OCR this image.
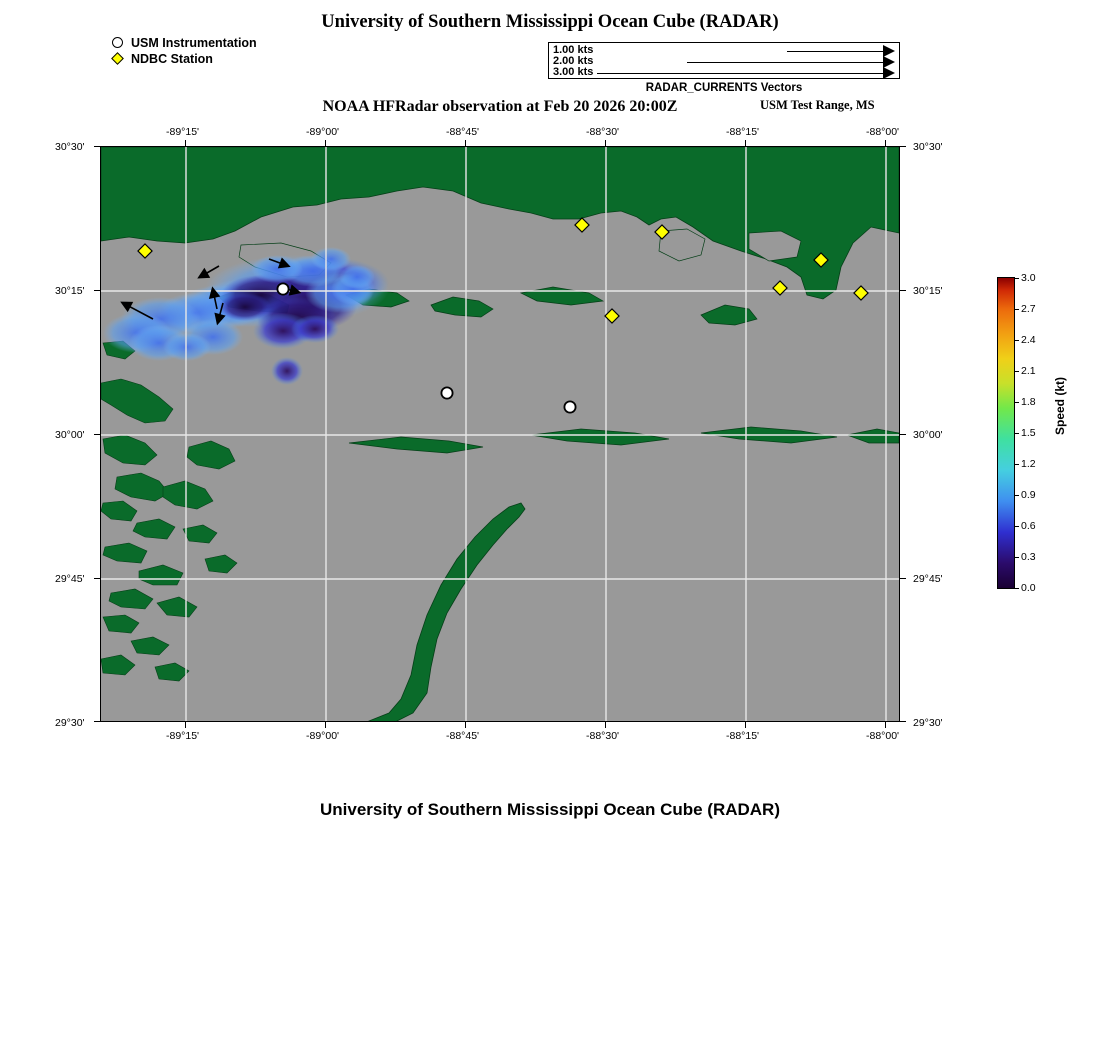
University of Southern Mississippi Ocean Cube (RADAR)
USM Instrumentation
NDBC Station
1.00 kts
2.00 kts
3.00 kts
RADAR_CURRENTS Vectors
NOAA HFRadar observation at Feb 20 2026 20:00Z	USM Test Range, MS
-89°15'	-89°00'	-88°45'	-88°30'	-88°15'	-88°00'
-89°15'	-89°00'	-88°45'	-88°30'	-88°15'	-88°00'
30°30'
30°15'
30°00'
29°45'
29°30'
30°30'
30°15'
30°00'
29°45'
29°30'
3.0
2.7
2.4
2.1
1.8
1.5
1.2
0.9
0.6
0.3
0.0
Speed (kt)
University of Southern Mississippi Ocean Cube (RADAR)
